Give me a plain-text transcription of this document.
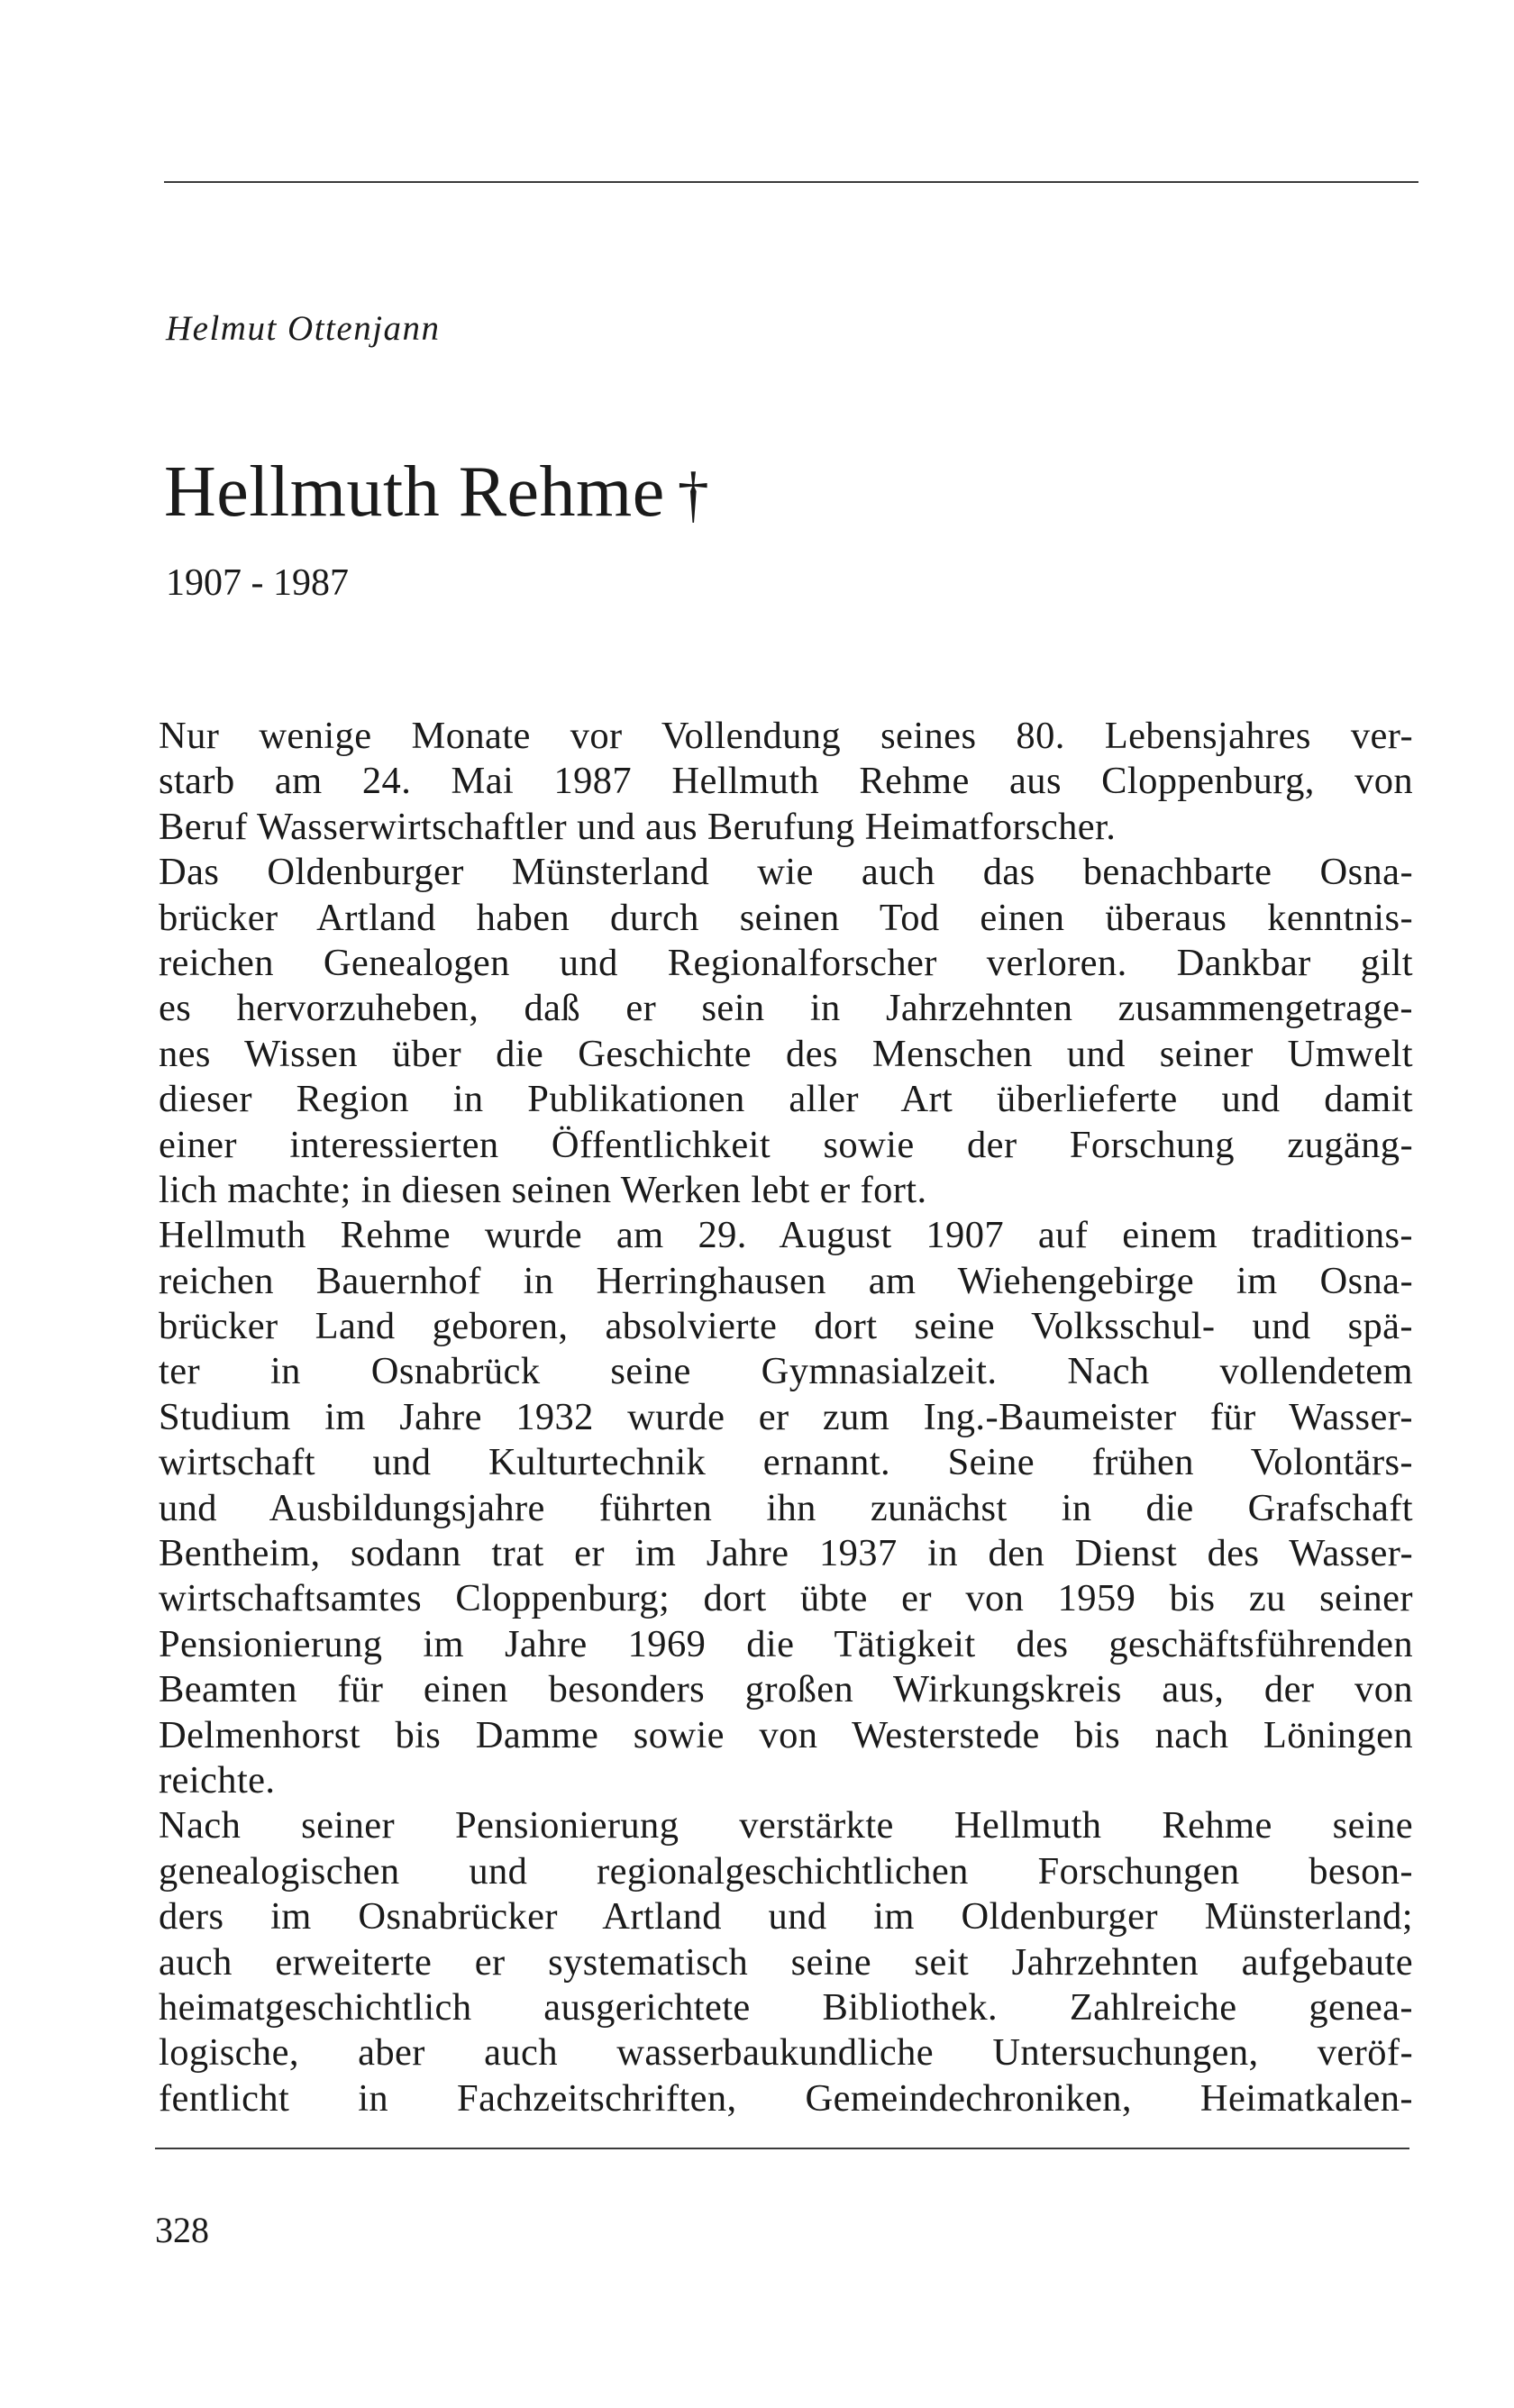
Helmut Ottenjann
Hellmuth Rehme †
1907 - 1987
Nur wenige Monate vor Vollendung seines 80. Lebensjahres ver-
starb am 24. Mai 1987 Hellmuth Rehme aus Cloppenburg, von
Beruf Wasserwirtschaftler und aus Berufung Heimatforscher.
Das Oldenburger Münsterland wie auch das benachbarte Osna-
brücker Artland haben durch seinen Tod einen überaus kenntnis-
reichen Genealogen und Regionalforscher verloren. Dankbar gilt
es hervorzuheben, daß er sein in Jahrzehnten zusammengetrage-
nes Wissen über die Geschichte des Menschen und seiner Umwelt
dieser Region in Publikationen aller Art überlieferte und damit
einer interessierten Öffentlichkeit sowie der Forschung zugäng-
lich machte; in diesen seinen Werken lebt er fort.
Hellmuth Rehme wurde am 29. August 1907 auf einem traditions-
reichen Bauernhof in Herringhausen am Wiehengebirge im Osna-
brücker Land geboren, absolvierte dort seine Volksschul- und spä-
ter in Osnabrück seine Gymnasialzeit. Nach vollendetem
Studium im Jahre 1932 wurde er zum Ing.-Baumeister für Wasser-
wirtschaft und Kulturtechnik ernannt. Seine frühen Volontärs-
und Ausbildungsjahre führten ihn zunächst in die Grafschaft
Bentheim, sodann trat er im Jahre 1937 in den Dienst des Wasser-
wirtschaftsamtes Cloppenburg; dort übte er von 1959 bis zu seiner
Pensionierung im Jahre 1969 die Tätigkeit des geschäftsführenden
Beamten für einen besonders großen Wirkungskreis aus, der von
Delmenhorst bis Damme sowie von Westerstede bis nach Löningen
reichte.
Nach seiner Pensionierung verstärkte Hellmuth Rehme seine
genealogischen und regionalgeschichtlichen Forschungen beson-
ders im Osnabrücker Artland und im Oldenburger Münsterland;
auch erweiterte er systematisch seine seit Jahrzehnten aufgebaute
heimatgeschichtlich ausgerichtete Bibliothek. Zahlreiche genea-
logische, aber auch wasserbaukundliche Untersuchungen, veröf-
fentlicht in Fachzeitschriften, Gemeindechroniken, Heimatkalen-
328
